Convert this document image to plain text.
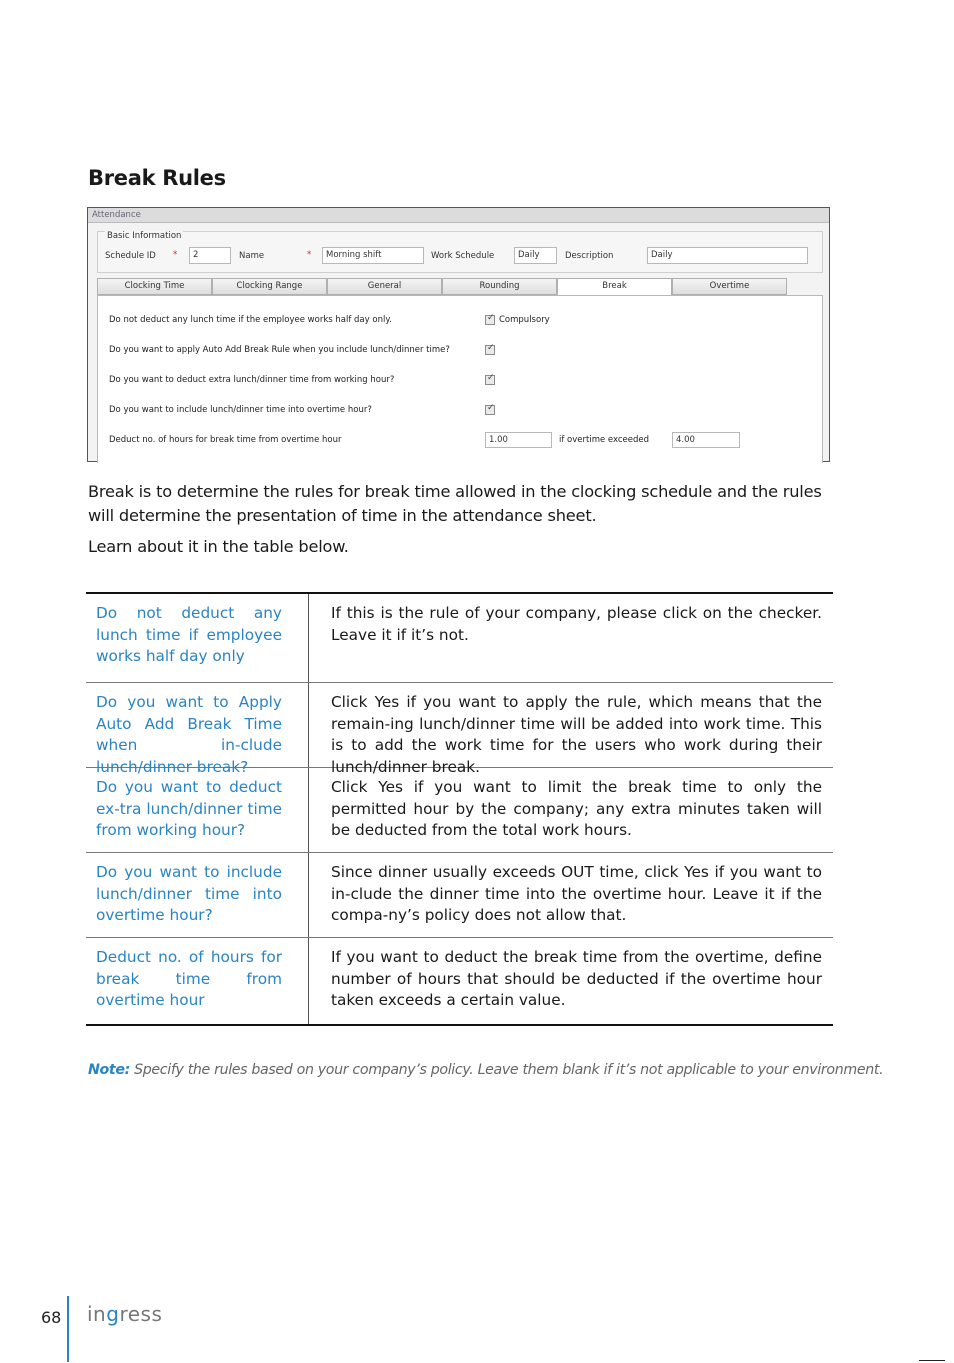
Break Rules
Attendance
Basic Information
Schedule ID *	2	Name	*	Morning shift	Work Schedule	Daily	Description	Daily
Clocking Time	Clocking Range	General	Rounding	Break	Overtime
Do not deduct any lunch time if the employee works half day only.
✓	Compulsory
Do you want to apply Auto Add Break Rule when you include lunch/dinner time?
✓
Do you want to deduct extra lunch/dinner time from working hour?
✓
Do you want to include lunch/dinner time into overtime hour?
✓
Deduct no. of hours for break time from overtime hour	1.00	if overtime exceeded	4.00
Break is to determine the rules for break time allowed in the clocking schedule and the rules
will determine the presentation of time in the attendance sheet.
Learn about it in the table below.
Do not deduct any lunch time if employee works half day only
If this is the rule of your company, please click on the checker. Leave it if it’s not.
Do you want to Apply Auto Add Break Time when in-clude lunch/dinner break?
Click Yes if you want to apply the rule, which means that the remain-ing lunch/dinner time will be added into work time. This is to add the work time for the users who work during their lunch/dinner break.
Do you want to deduct ex-tra lunch/dinner time from working hour?
Click Yes if you want to limit the break time to only the permitted hour by the company; any extra minutes taken will be deducted from the total work hours.
Do you want to include lunch/dinner time into overtime hour?
Since dinner usually exceeds OUT time, click Yes if you want to in-clude the dinner time into the overtime hour. Leave it if the compa-ny’s policy does not allow that.
Deduct no. of hours for break time from overtime hour
If you want to deduct the break time from the overtime, define number of hours that should be deducted if the overtime hour taken exceeds a certain value.
Note: Specify the rules based on your company’s policy. Leave them blank if it’s not applicable to your environment.
68 ingress
